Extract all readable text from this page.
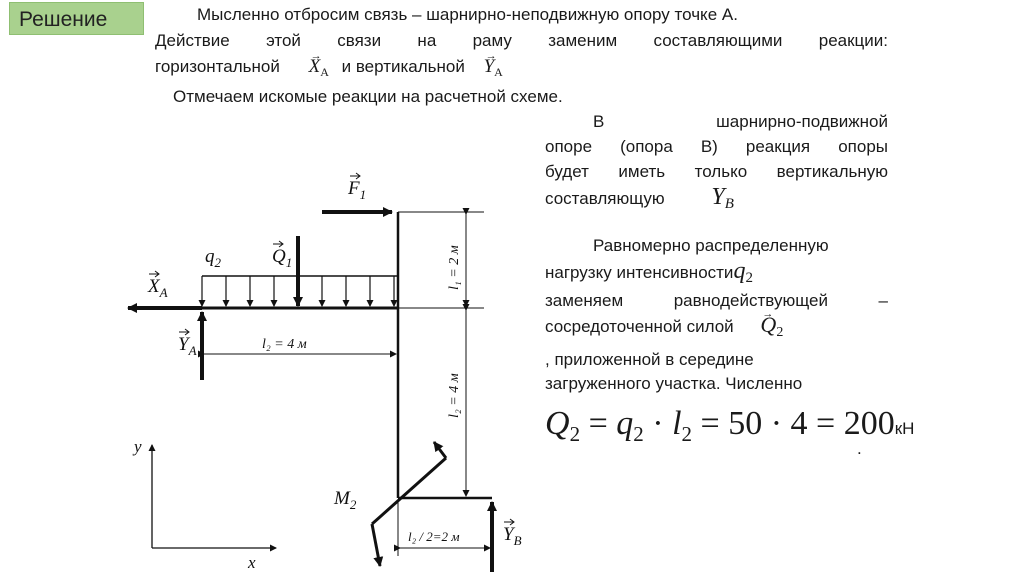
Решение	Мысленно отбросим связь – шарнирно-неподвижную опору точке А.
Действие этой связи на раму заменим составляющими реакции:
горизонтальной → $X_A$ и вертикальной → $Y_A$
Отмечаем искомые реакции на расчетной схеме.
В шарнирно-подвижной
опоре (опора В) реакция опоры
будет иметь только вертикальную
составляющую $Y_B$
Равномерно распределенную
нагрузку интенсивностиq$_2$
заменяем равнодействующей –
сосредоточенной силой → $Q_2$
, приложенной в середине
загруженного участка. Численно
$Q_2 = q_2 \cdot l_2 = 50 \cdot 4 = 200кН$
.
$F_1$
$q_2$	$Q_1$
$X_A$
$Y_A$
$Y_B$
$M_2$
y
x
l₂ = 4 м
l₂ / 2=2 м
l₁ = 2 м
l₂ = 4 м
